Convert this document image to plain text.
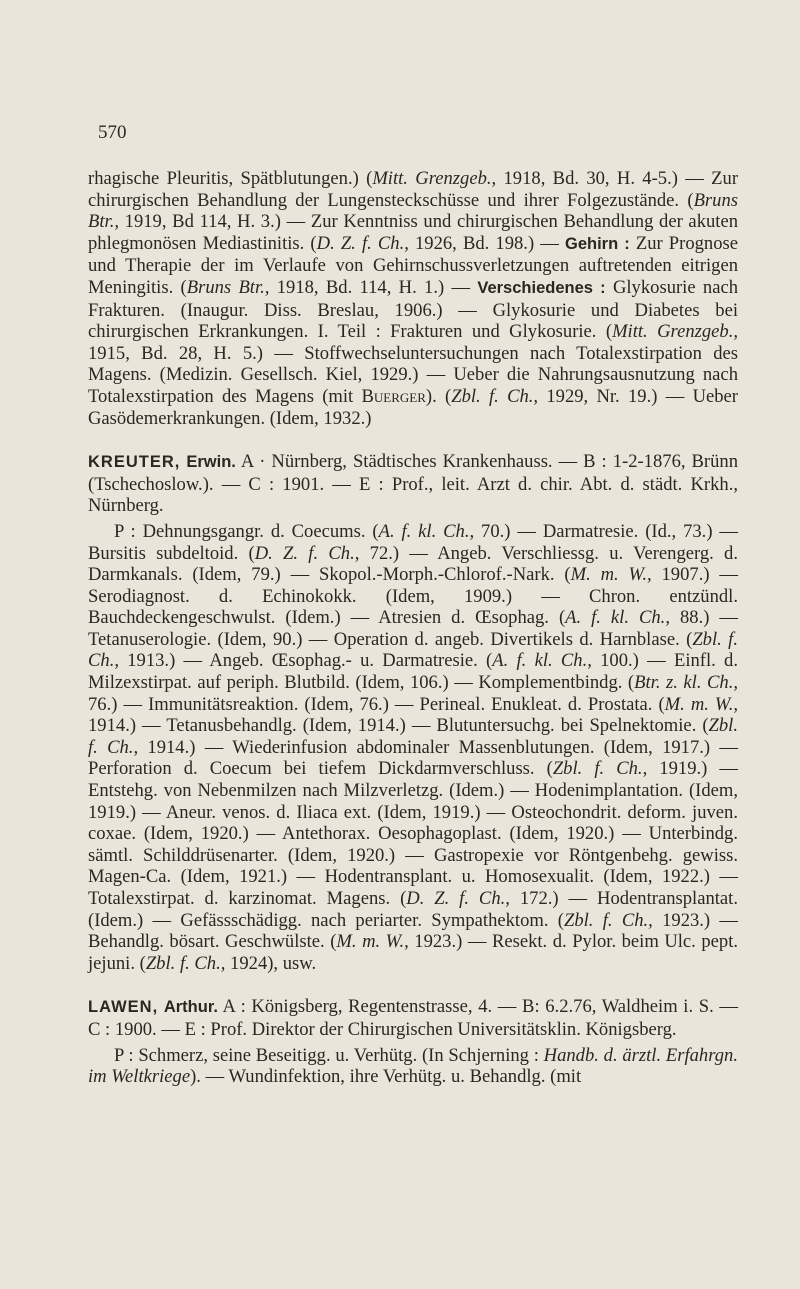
570

rhagische Pleuritis, Spätblutungen.) (Mitt. Grenzgeb., 1918, Bd. 30, H. 4-5.) — Zur chirurgischen Behandlung der Lungensteckschüsse und ihrer Folgezustände. (Bruns Btr., 1919, Bd 114, H. 3.) — Zur Kenntniss und chirurgischen Behandlung der akuten phlegmonösen Mediastinitis. (D. Z. f. Ch., 1926, Bd. 198.) — Gehirn : Zur Prognose und Therapie der im Verlaufe von Gehirnschussverletzungen auftretenden eitrigen Meningitis. (Bruns Btr., 1918, Bd. 114, H. 1.) — Verschiedenes : Glykosurie nach Frakturen. (Inaugur. Diss. Breslau, 1906.) — Glykosurie und Diabetes bei chirurgischen Erkrankungen. I. Teil : Frakturen und Glykosurie. (Mitt. Grenzgeb., 1915, Bd. 28, H. 5.) — Stoffwechseluntersuchungen nach Totalexstirpation des Magens. (Medizin. Gesellsch. Kiel, 1929.) — Ueber die Nahrungsausnutzung nach Totalexstirpation des Magens (mit Buerger). (Zbl. f. Ch., 1929, Nr. 19.) — Ueber Gasödemerkrankungen. (Idem, 1932.)

KREUTER, Erwin. A · Nürnberg, Städtisches Krankenhauss. — B : 1-2-1876, Brünn (Tschechoslow.). — C : 1901. — E : Prof., leit. Arzt d. chir. Abt. d. städt. Krkh., Nürnberg.

P : Dehnungsgangr. d. Coecums. (A. f. kl. Ch., 70.) — Darmatresie. (Id., 73.) — Bursitis subdeltoid. (D. Z. f. Ch., 72.) — Angeb. Verschliessg. u. Verengerg. d. Darmkanals. (Idem, 79.) — Skopol.-Morph.-Chlorof.-Nark. (M. m. W., 1907.) — Serodiagnost. d. Echinokokk. (Idem, 1909.) — Chron. entzündl. Bauchdeckengeschwulst. (Idem.) — Atresien d. Œsophag. (A. f. kl. Ch., 88.) — Tetanuserologie. (Idem, 90.) — Operation d. angeb. Divertikels d. Harnblase. (Zbl. f. Ch., 1913.) — Angeb. Œsophag.- u. Darmatresie. (A. f. kl. Ch., 100.) — Einfl. d. Milzexstirpat. auf periph. Blutbild. (Idem, 106.) — Komplementbindg. (Btr. z. kl. Ch., 76.) — Immunitätsreaktion. (Idem, 76.) — Perineal. Enukleat. d. Prostata. (M. m. W., 1914.) — Tetanusbehandlg. (Idem, 1914.) — Blutuntersuchg. bei Spelnektomie. (Zbl. f. Ch., 1914.) — Wiederinfusion abdominaler Massenblutungen. (Idem, 1917.) — Perforation d. Coecum bei tiefem Dickdarmverschluss. (Zbl. f. Ch., 1919.) — Entstehg. von Nebenmilzen nach Milzverletzg. (Idem.) — Hodenimplantation. (Idem, 1919.) — Aneur. venos. d. Iliaca ext. (Idem, 1919.) — Osteochondrit. deform. juven. coxae. (Idem, 1920.) — Antethorax. Oesophagoplast. (Idem, 1920.) — Unterbindg. sämtl. Schilddrüsenarter. (Idem, 1920.) — Gastropexie vor Röntgenbehg. gewiss. Magen-Ca. (Idem, 1921.) — Hodentransplant. u. Homosexualit. (Idem, 1922.) — Totalexstirpat. d. karzinomat. Magens. (D. Z. f. Ch., 172.) — Hodentransplantat. (Idem.) — Gefässschädigg. nach periarter. Sympathektom. (Zbl. f. Ch., 1923.) — Behandlg. bösart. Geschwülste. (M. m. W., 1923.) — Resekt. d. Pylor. beim Ulc. pept. jejuni. (Zbl. f. Ch., 1924), usw.

LAWEN, Arthur. A : Königsberg, Regentenstrasse, 4. — B: 6.2.76, Waldheim i. S. — C : 1900. — E : Prof. Direktor der Chirurgischen Universitätsklin. Königsberg.

P : Schmerz, seine Beseitigg. u. Verhütg. (In Schjerning : Handb. d. ärztl. Erfahrgn. im Weltkriege). — Wundinfektion, ihre Verhütg. u. Behandlg. (mit
